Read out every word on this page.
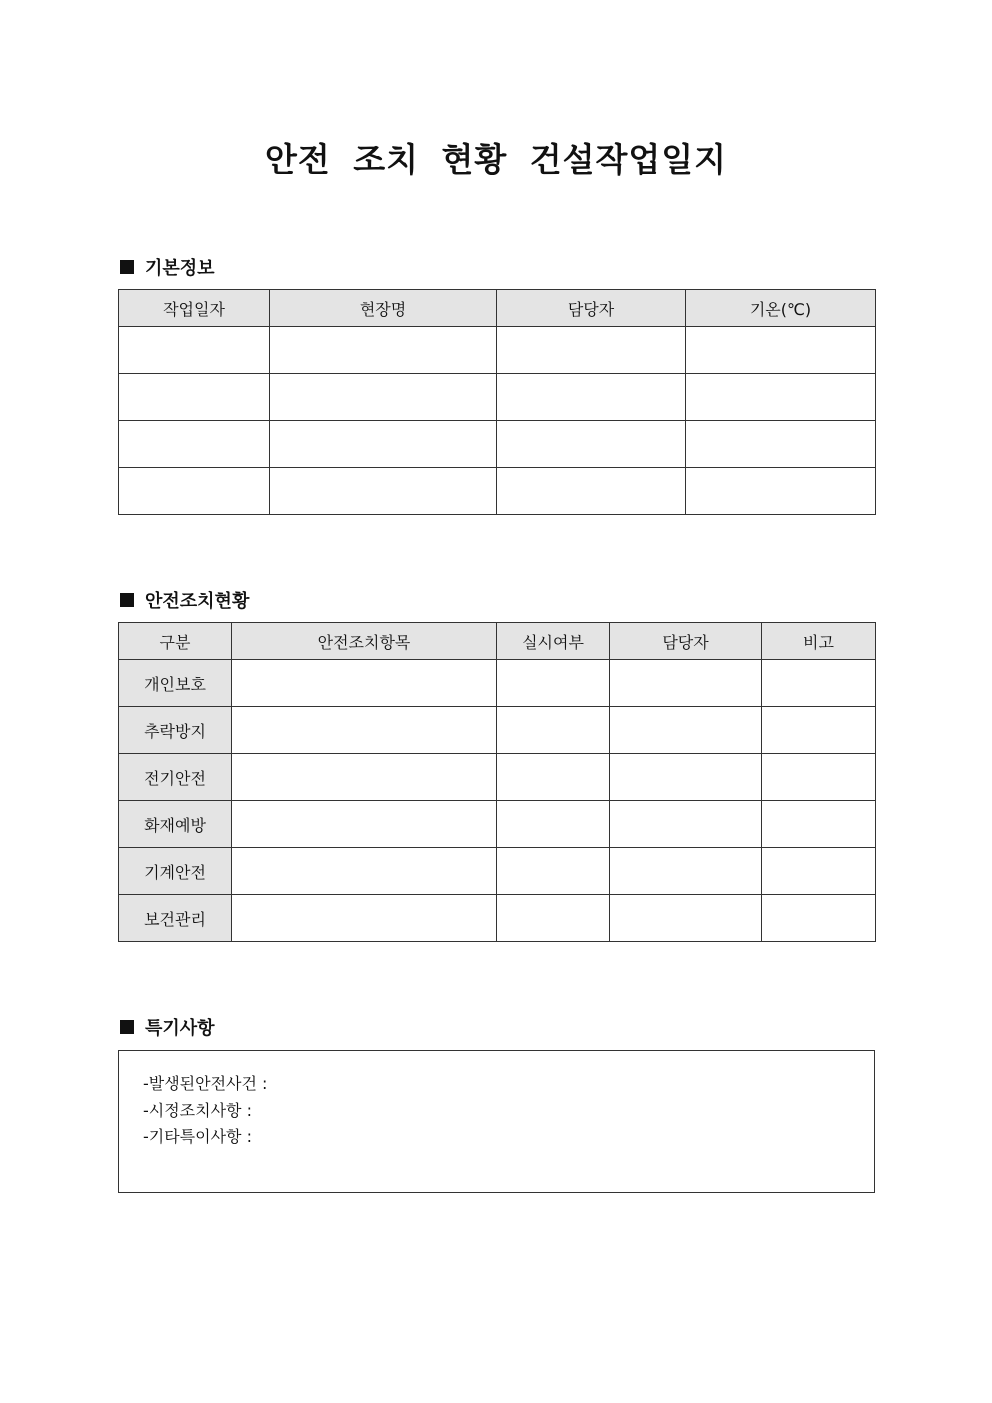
안전 조치 현황 건설작업일지
기본정보
작업일자	현장명	담당자	기온(℃)

안전조치현황
구분	안전조치항목	실시여부	담당자	비고
개인보호				
추락방지				
전기안전				
화재예방				
기계안전				
보건관리				
특기사항
-발생된안전사건 :
-시정조치사항 :
-기타특이사항 :
